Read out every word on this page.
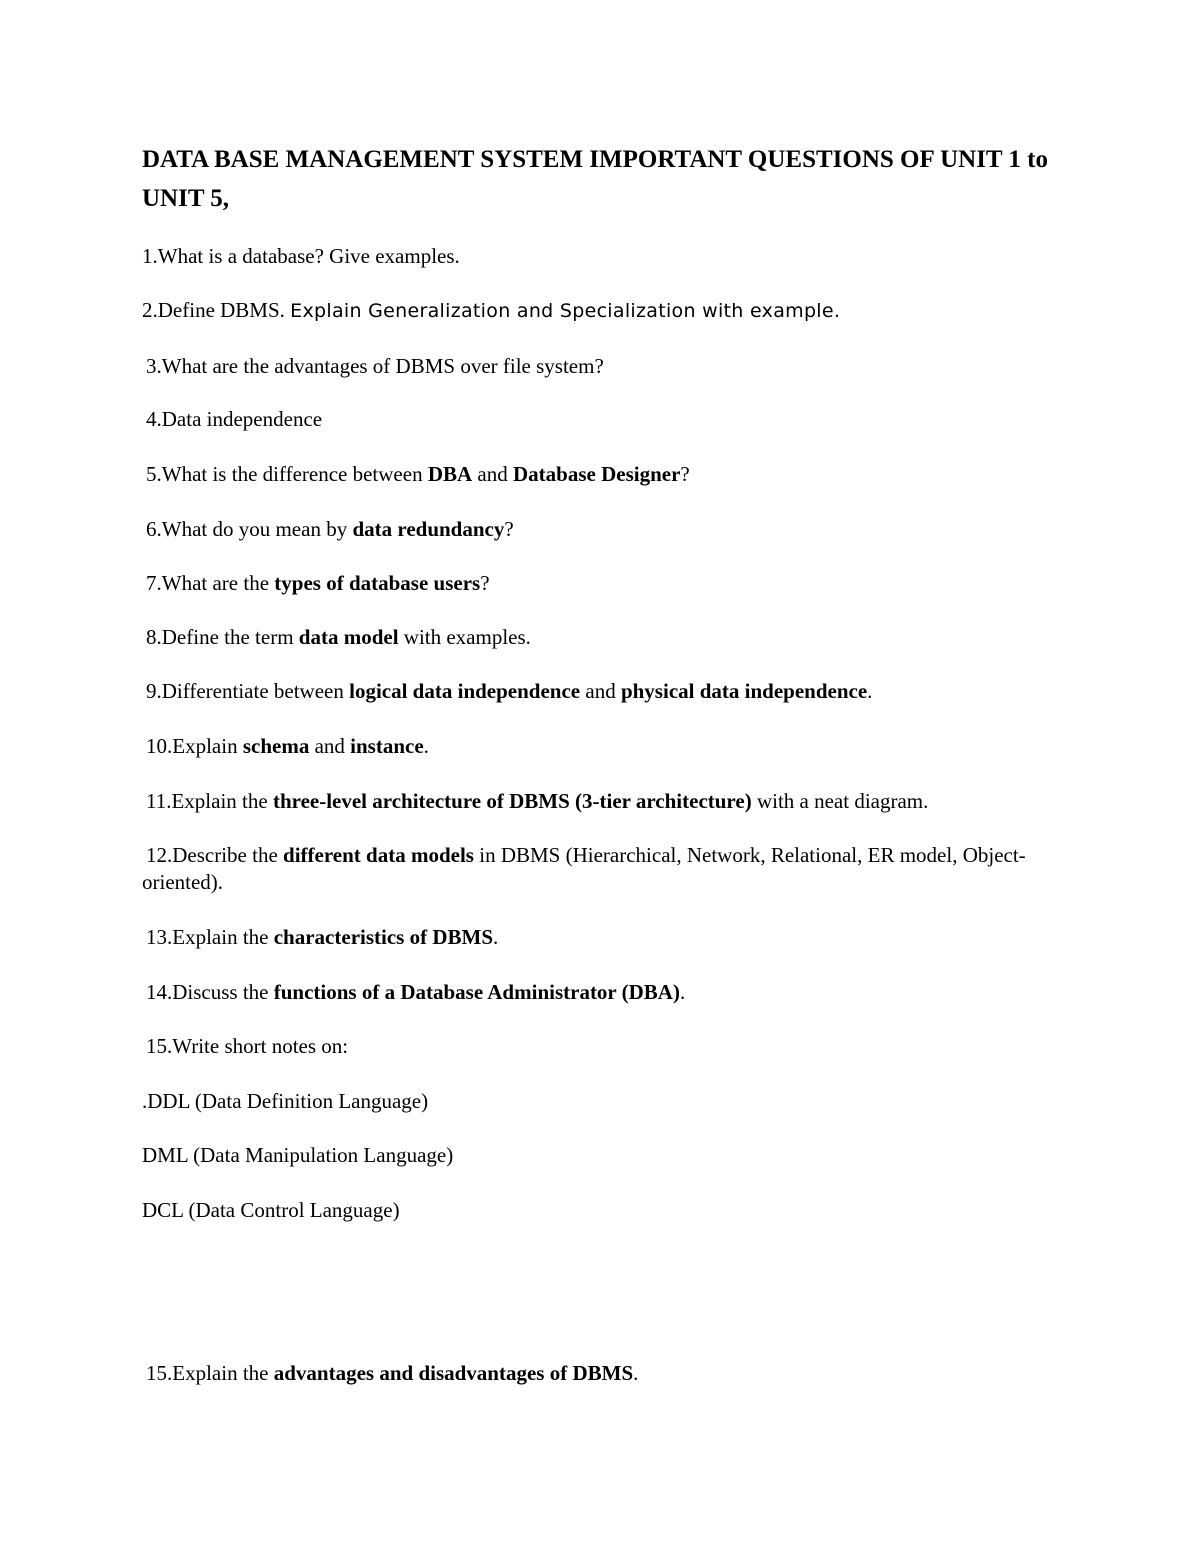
DATA BASE MANAGEMENT SYSTEM IMPORTANT QUESTIONS OF UNIT 1 to UNIT 5,

1.What is a database? Give examples.

2.Define DBMS. Explain Generalization and Specialization with example.

3.What are the advantages of DBMS over file system?

4.Data independence

5.What is the difference between DBA and Database Designer?

6.What do you mean by data redundancy?

7.What are the types of database users?

8.Define the term data model with examples.

9.Differentiate between logical data independence and physical data independence.

10.Explain schema and instance.

11.Explain the three-level architecture of DBMS (3-tier architecture) with a neat diagram.

12.Describe the different data models in DBMS (Hierarchical, Network, Relational, ER model, Object-oriented).

13.Explain the characteristics of DBMS.

14.Discuss the functions of a Database Administrator (DBA).

15.Write short notes on:

.DDL (Data Definition Language)

DML (Data Manipulation Language)

DCL (Data Control Language)

15.Explain the advantages and disadvantages of DBMS.
